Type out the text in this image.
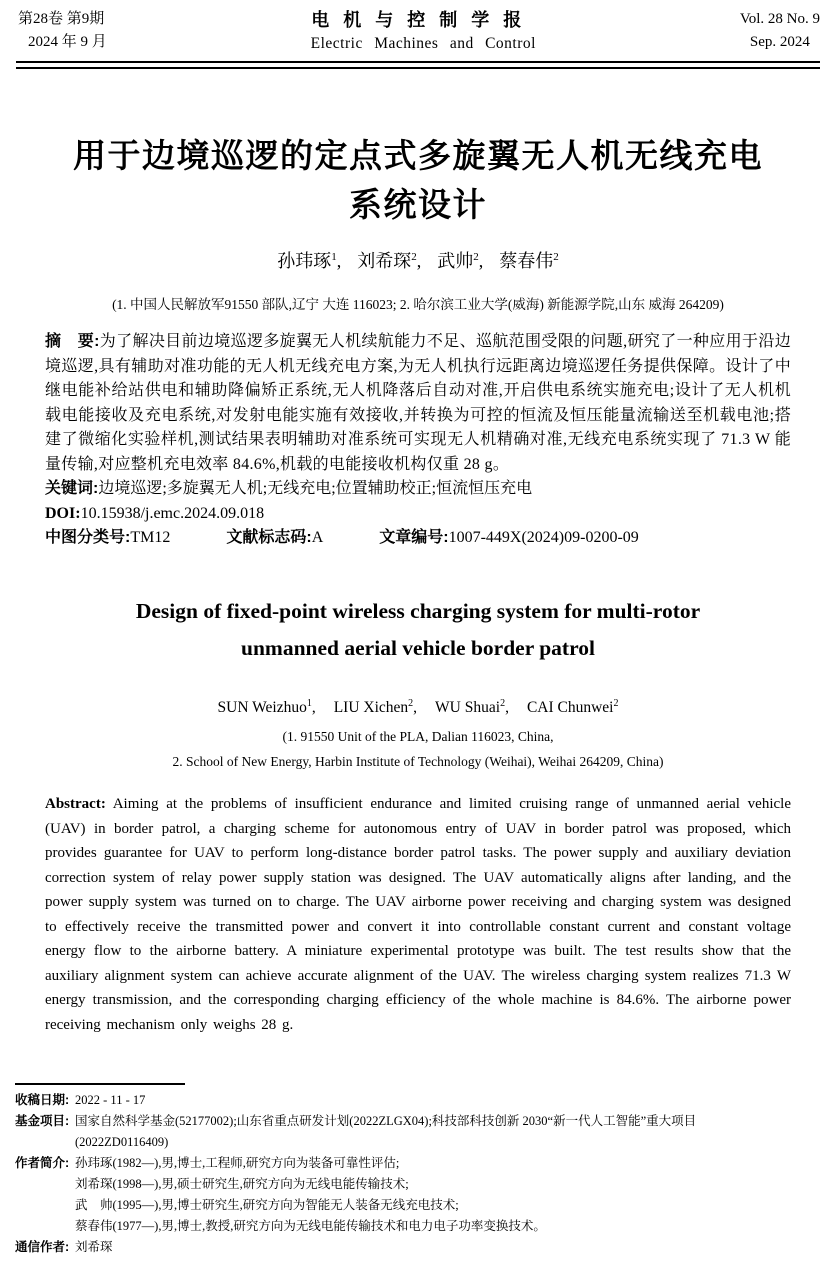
第28卷 第9期
2024 年 9 月
电机与控制学报
Electric Machines and Control
Vol. 28 No. 9
Sep. 2024
用于边境巡逻的定点式多旋翼无人机无线充电
系统设计
孙玮琢$^1$, 刘希琛$^2$, 武帅$^2$, 蔡春伟$^2$
(1. 中国人民解放军91550 部队,辽宁 大连 116023; 2. 哈尔滨工业大学(威海) 新能源学院,山东 威海 264209)

摘　要:为了解决目前边境巡逻多旋翼无人机续航能力不足、巡航范围受限的问题,研究了一种应用于沿边境巡逻,具有辅助对准功能的无人机无线充电方案,为无人机执行远距离边境巡逻任务提供保障。设计了中继电能补给站供电和辅助降偏矫正系统,无人机降落后自动对准,开启供电系统实施充电;设计了无人机机载电能接收及充电系统,对发射电能实施有效接收,并转换为可控的恒流及恒压能量流输送至机载电池;搭建了微缩化实验样机,测试结果表明辅助对准系统可实现无人机精确对准,无线充电系统实现了 71.3 W 能量传输,对应整机充电效率 84.6%,机载的电能接收机构仅重 28 g。

关键词:边境巡逻;多旋翼无人机;无线充电;位置辅助校正;恒流恒压充电
DOI:10.15938/j.emc.2024.09.018
中图分类号:TM12	文献标志码:A	文章编号:1007-449X(2024)09-0200-09
Design of fixed-point wireless charging system for multi-rotor
unmanned aerial vehicle border patrol
SUN Weizhuo$^1$, LIU Xichen$^2$, WU Shuai$^2$, CAI Chunwei$^2$
(1. 91550 Unit of the PLA, Dalian 116023, China,
2. School of New Energy, Harbin Institute of Technology (Weihai), Weihai 264209, China)
Abstract: Aiming at the problems of insufficient endurance and limited cruising range of unmanned aerial vehicle (UAV) in border patrol, a charging scheme for autonomous entry of UAV in border patrol was proposed, which provides guarantee for UAV to perform long-distance border patrol tasks. The power supply and auxiliary deviation correction system of relay power supply station was designed. The UAV automatically aligns after landing, and the power supply system was turned on to charge. The UAV airborne power receiving and charging system was designed to effectively receive the transmitted power and convert it into controllable constant current and constant voltage energy flow to the airborne battery. A miniature experimental prototype was built. The test results show that the auxiliary alignment system can achieve accurate alignment of the UAV. The wireless charging system realizes 71.3 W energy transmission, and the corresponding charging efficiency of the whole machine is 84.6%. The airborne power receiving mechanism only weighs 28 g.
收稿日期: 2022 - 11 - 17
基金项目: 国家自然科学基金(52177002);山东省重点研发计划(2022ZLGX04);科技部科技创新 2030“新一代人工智能”重大项目
(2022ZD0116409)
作者简介: 孙玮琢(1982—),男,博士,工程师,研究方向为装备可靠性评估;
刘希琛(1998—),男,硕士研究生,研究方向为无线电能传输技术;
武　帅(1995—),男,博士研究生,研究方向为智能无人装备无线充电技术;
蔡春伟(1977—),男,博士,教授,研究方向为无线电能传输技术和电力电子功率变换技术。
通信作者: 刘希琛
